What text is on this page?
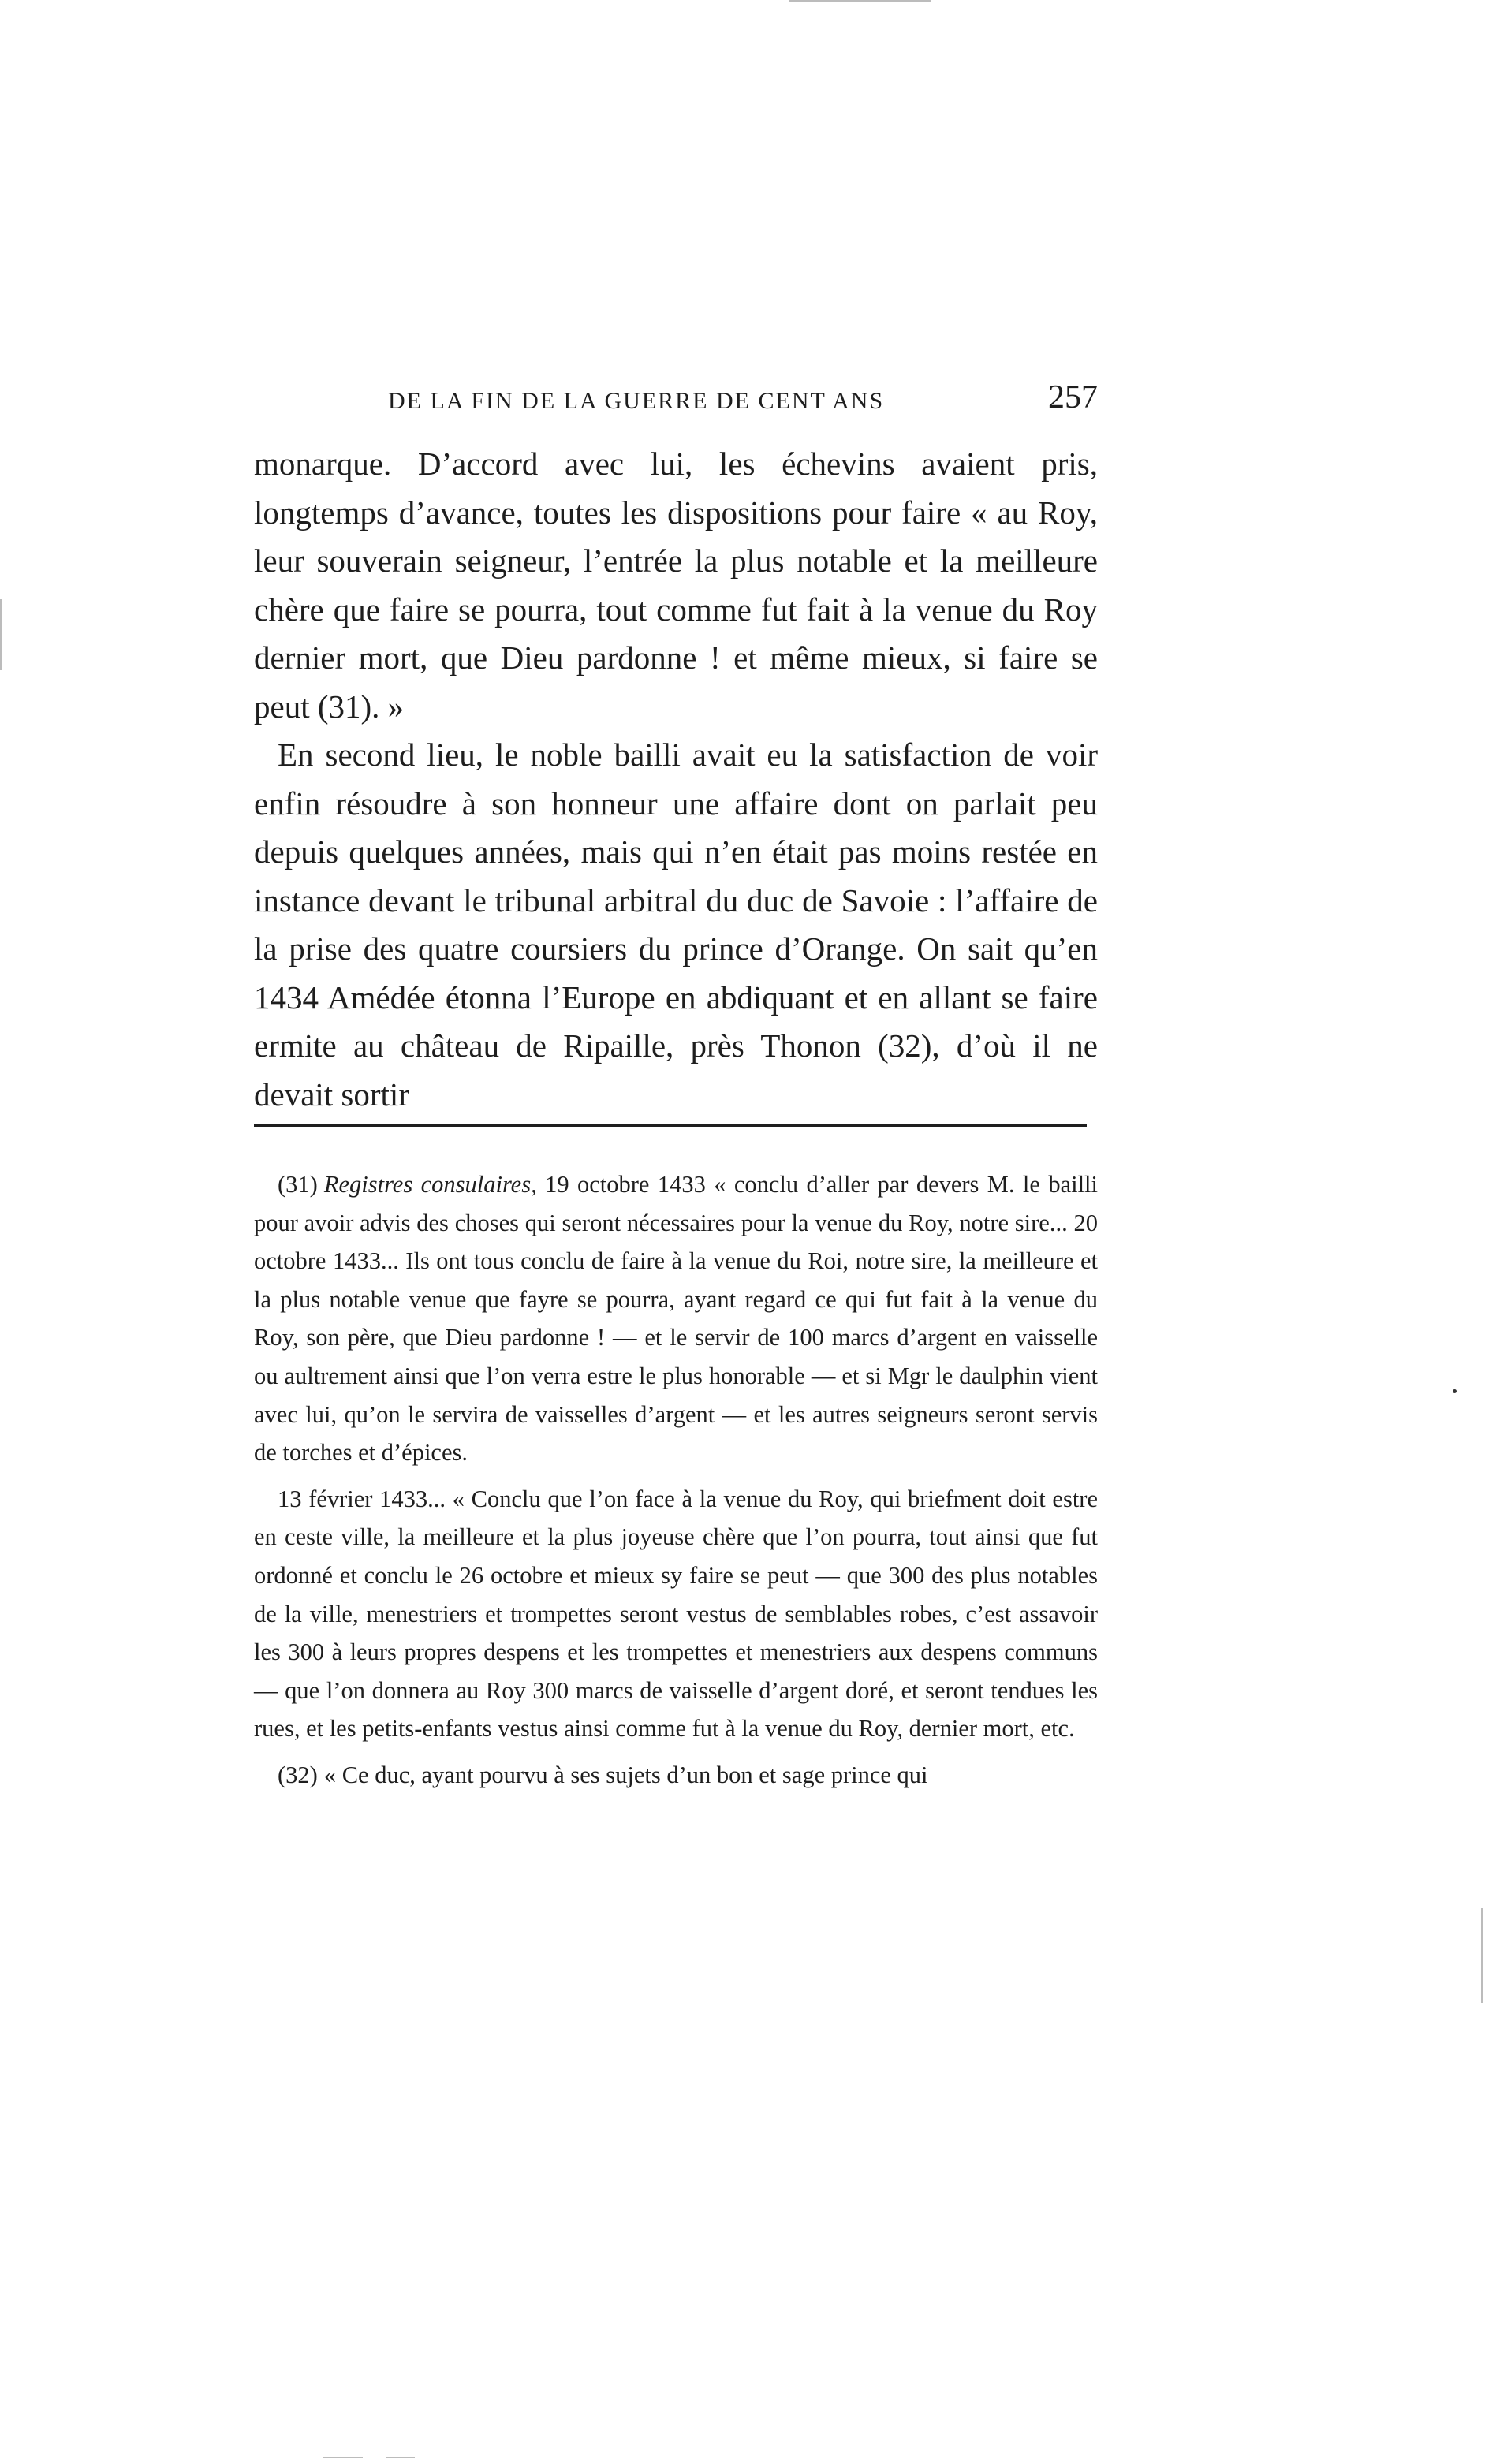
DE LA FIN DE LA GUERRE DE CENT ANS	257

monarque. D’accord avec lui, les échevins avaient pris, longtemps d’avance, toutes les dispositions pour faire « au Roy, leur souverain seigneur, l’entrée la plus notable et la meilleure chère que faire se pourra, tout comme fut fait à la venue du Roy dernier mort, que Dieu pardonne ! et même mieux, si faire se peut (31). »

En second lieu, le noble bailli avait eu la satisfaction de voir enfin résoudre à son honneur une affaire dont on parlait peu depuis quelques années, mais qui n’en était pas moins restée en instance devant le tribunal arbitral du duc de Savoie : l’affaire de la prise des quatre coursiers du prince d’Orange. On sait qu’en 1434 Amédée étonna l’Europe en abdiquant et en allant se faire ermite au château de Ripaille, près Thonon (32), d’où il ne devait sortir

(31) Registres consulaires, 19 octobre 1433 « conclu d’aller par devers M. le bailli pour avoir advis des choses qui seront nécessaires pour la venue du Roy, notre sire... 20 octobre 1433... Ils ont tous conclu de faire à la venue du Roi, notre sire, la meilleure et la plus notable venue que fayre se pourra, ayant regard ce qui fut fait à la venue du Roy, son père, que Dieu pardonne ! — et le servir de 100 marcs d’argent en vaisselle ou aultrement ainsi que l’on verra estre le plus honorable — et si Mgr le daulphin vient avec lui, qu’on le servira de vaisselles d’argent — et les autres seigneurs seront servis de torches et d’épices.

13 février 1433... « Conclu que l’on face à la venue du Roy, qui briefment doit estre en ceste ville, la meilleure et la plus joyeuse chère que l’on pourra, tout ainsi que fut ordonné et conclu le 26 octobre et mieux sy faire se peut — que 300 des plus notables de la ville, menestriers et trompettes seront vestus de semblables robes, c’est assavoir les 300 à leurs propres despens et les trompettes et menestriers aux despens communs — que l’on donnera au Roy 300 marcs de vaisselle d’argent doré, et seront tendues les rues, et les petits-enfants vestus ainsi comme fut à la venue du Roy, dernier mort, etc.

(32) « Ce duc, ayant pourvu à ses sujets d’un bon et sage prince qui
